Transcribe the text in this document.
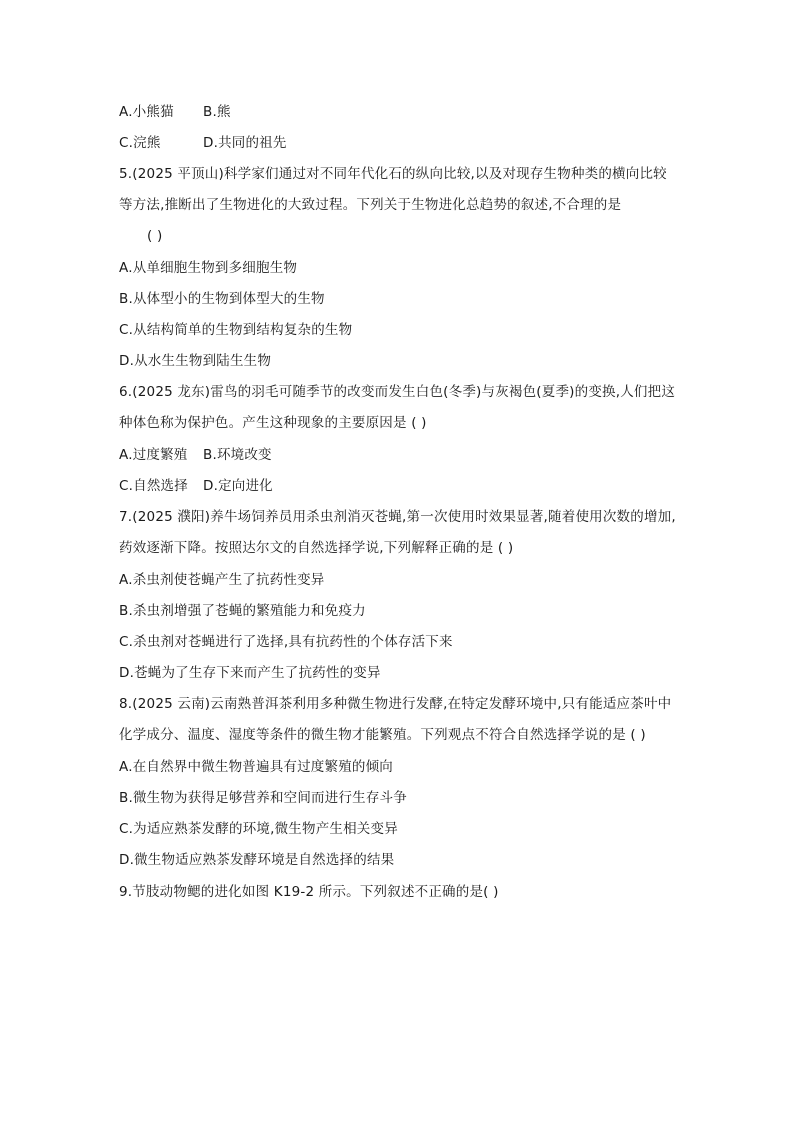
A.小熊猫	B.熊
C.浣熊	D.共同的祖先
5.(2025 平顶山)科学家们通过对不同年代化石的纵向比较,以及对现存生物种类的横向比较
等方法,推断出了生物进化的大致过程。下列关于生物进化总趋势的叙述,不合理的是
( )
A.从单细胞生物到多细胞生物
B.从体型小的生物到体型大的生物
C.从结构简单的生物到结构复杂的生物
D.从水生生物到陆生生物
6.(2025 龙东)雷鸟的羽毛可随季节的改变而发生白色(冬季)与灰褐色(夏季)的变换,人们把这
种体色称为保护色。产生这种现象的主要原因是 ( )
A.过度繁殖	B.环境改变
C.自然选择	D.定向进化
7.(2025 濮阳)养牛场饲养员用杀虫剂消灭苍蝇,第一次使用时效果显著,随着使用次数的增加,
药效逐渐下降。按照达尔文的自然选择学说,下列解释正确的是 ( )
A.杀虫剂使苍蝇产生了抗药性变异
B.杀虫剂增强了苍蝇的繁殖能力和免疫力
C.杀虫剂对苍蝇进行了选择,具有抗药性的个体存活下来
D.苍蝇为了生存下来而产生了抗药性的变异
8.(2025 云南)云南熟普洱茶利用多种微生物进行发酵,在特定发酵环境中,只有能适应茶叶中
化学成分、温度、湿度等条件的微生物才能繁殖。下列观点不符合自然选择学说的是 ( )
A.在自然界中微生物普遍具有过度繁殖的倾向
B.微生物为获得足够营养和空间而进行生存斗争
C.为适应熟茶发酵的环境,微生物产生相关变异
D.微生物适应熟茶发酵环境是自然选择的结果
9.节肢动物鳃的进化如图 K19-2 所示。下列叙述不正确的是( )
